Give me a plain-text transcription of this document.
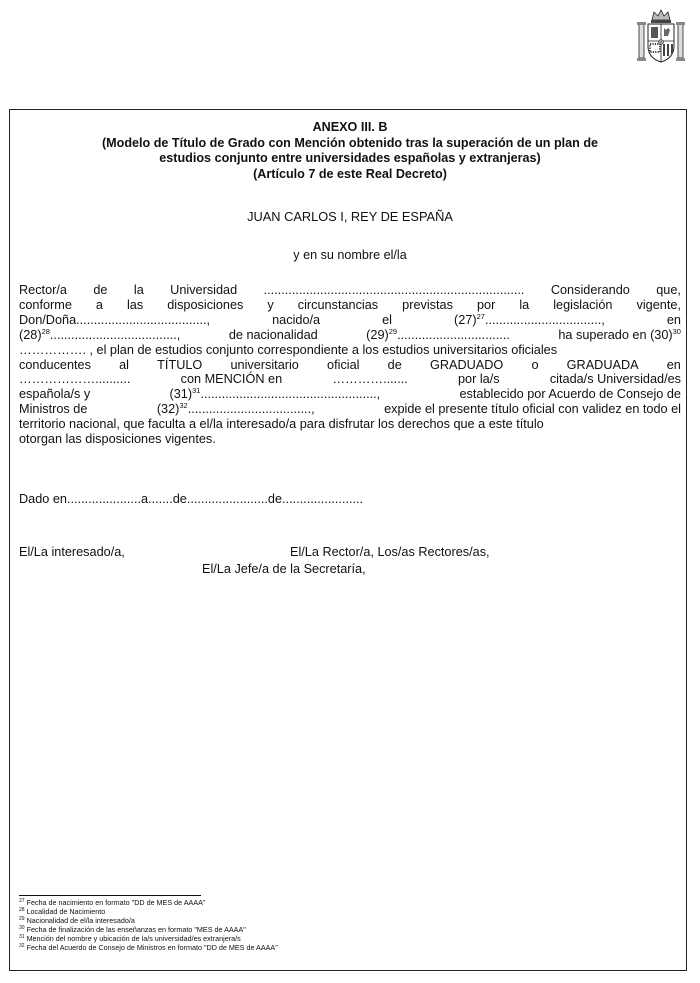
ANEXO III. B
(Modelo de Título de Grado con Mención obtenido tras la superación de un plan de
estudios conjunto entre universidades españolas y extranjeras)
(Artículo 7 de este Real Decreto)
JUAN CARLOS I, REY DE ESPAÑA
y en su nombre el/la
Rector/a de la Universidad .......................................................................... Considerando que,
conforme a las disposiciones y circunstancias previstas por la legislación vigente,
Don/Doña.....................................,	nacido/a	el	$(27)^{27}$.................................,	en
$(28)^{28}$....................................,	de nacionalidad	$(29)^{29}$................................	ha superado en $(30)^{30}$
……………. , el plan de estudios conjunto correspondiente a los estudios universitarios oficiales
conducentes al TÍTULO universitario oficial de GRADUADO o GRADUADA en
………………..........	con MENCIÓN en	………….......	por la/s	citada/s Universidad/es
española/s y	$(31)^{31}$..................................................,	establecido por Acuerdo de Consejo de
Ministros de	$(32)^{32}$...................................,	expide el presente título oficial con validez en todo el
territorio nacional, que faculta a el/la interesado/a para disfrutar los derechos que a este título
otorgan las disposiciones vigentes.
Dado en.....................a.......de.......................de.......................
El/La interesado/a,	El/La Rector/a, Los/as Rectores/as,
El/La Jefe/a de la Secretaría,
$^{27}$ Fecha de nacimiento en formato "DD de MES de AAAA"
$^{28}$ Localidad de Nacimiento
$^{29}$ Nacionalidad de el/la interesado/a
$^{30}$ Fecha de finalización de las enseñanzas en formato "MES de AAAA"
$^{31}$ Mención del nombre y ubicación de la/s universidad/es extranjera/s
$^{32}$ Fecha del Acuerdo de Consejo de Ministros en formato "DD de MES de AAAA"
